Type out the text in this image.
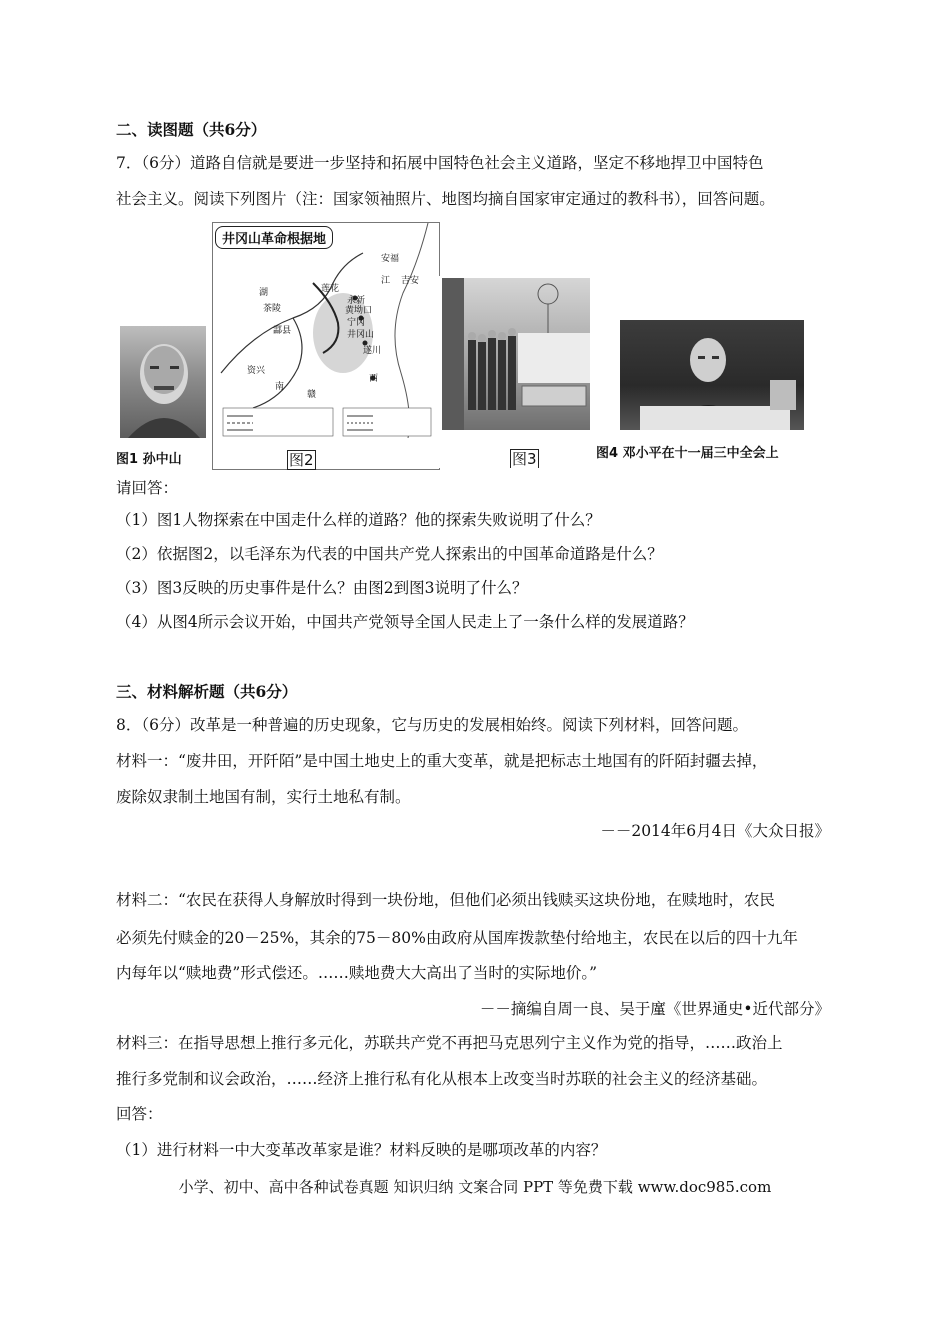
二、读图题（共6分）
7．（6分）道路自信就是要进一步坚持和拓展中国特色社会主义道路，坚定不移地捍卫中国特色
社会主义。阅读下列图片（注：国家领袖照片、地图均摘自国家审定通过的教科书），回答问题。
图1 孙中山
安福
江 吉安
湖	莲花
永新
茶陵	黄坳口
宁冈
井冈山
酃县
遂川
资兴
南
赣
西
图2
井冈山革命根据地
图3	图4 邓小平在十一届三中全会上
请回答：
（1）图1人物探索在中国走什么样的道路？他的探索失败说明了什么？
（2）依据图2，以毛泽东为代表的中国共产党人探索出的中国革命道路是什么？
（3）图3反映的历史事件是什么？由图2到图3说明了什么？
（4）从图4所示会议开始，中国共产党领导全国人民走上了一条什么样的发展道路？
三、材料解析题（共6分）
8．（6分）改革是一种普遍的历史现象，它与历史的发展相始终。阅读下列材料，回答问题。
材料一：“废井田，开阡陌”是中国土地史上的重大变革，就是把标志土地国有的阡陌封疆去掉，
废除奴隶制土地国有制，实行土地私有制。
－－2014年6月4日《大众日报》
材料二：“农民在获得人身解放时得到一块份地，但他们必须出钱赎买这块份地，在赎地时，农民
必须先付赎金的20－25%，其余的75－80%由政府从国库拨款垫付给地主，农民在以后的四十九年
内每年以“赎地费”形式偿还。……赎地费大大高出了当时的实际地价。”
－－摘编自周一良、吴于廑《世界通史•近代部分》
材料三：在指导思想上推行多元化，苏联共产党不再把马克思列宁主义作为党的指导，……政治上
推行多党制和议会政治，……经济上推行私有化从根本上改变当时苏联的社会主义的经济基础。
回答：
（1）进行材料一中大变革改革家是谁？材料反映的是哪项改革的内容？
小学、初中、高中各种试卷真题 知识归纳 文案合同 PPT 等免费下载 www.doc985.com
